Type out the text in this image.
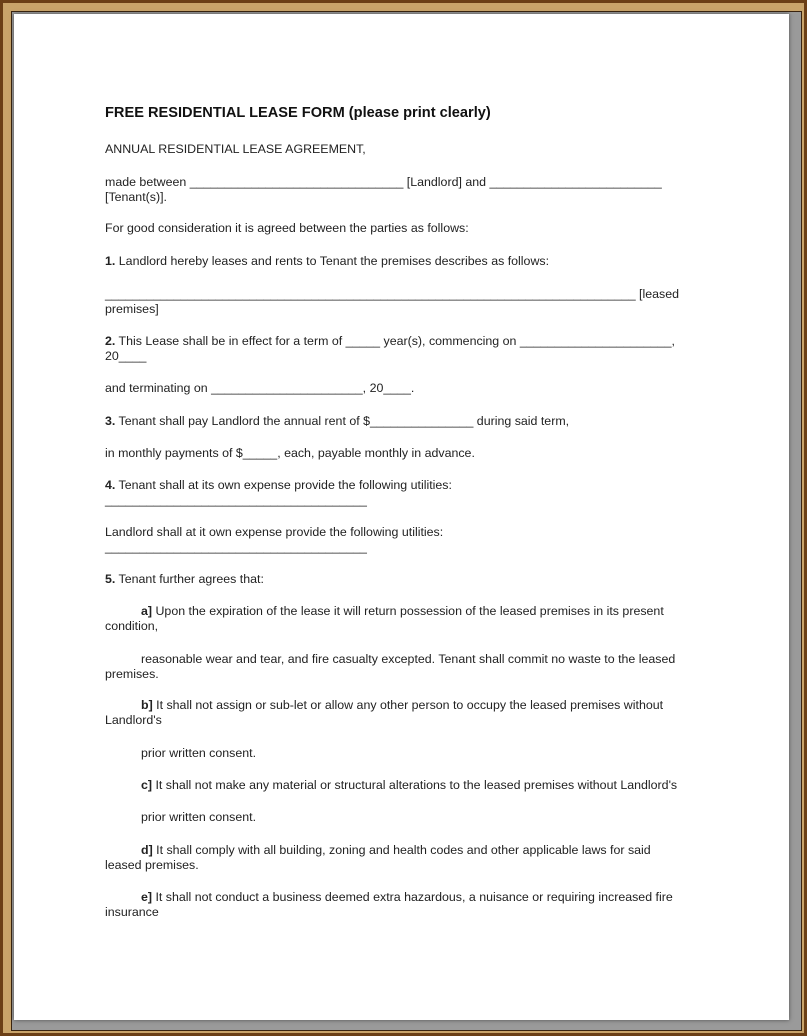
FREE RESIDENTIAL LEASE FORM (please print clearly)
ANNUAL RESIDENTIAL LEASE AGREEMENT,
made between _______________________________ [Landlord] and _________________________
[Tenant(s)].
For good consideration it is agreed between the parties as follows:
1. Landlord hereby leases and rents to Tenant the premises describes as follows:
_____________________________________________________________________________ [leased
premises]
2. This Lease shall be in effect for a term of _____ year(s), commencing on ______________________,
20____
and terminating on ______________________, 20____.
3. Tenant shall pay Landlord the annual rent of $_______________ during said term,
in monthly payments of $_____, each, payable monthly in advance.
4. Tenant shall at its own expense provide the following utilities:
______________________________________
Landlord shall at it own expense provide the following utilities:
______________________________________
5. Tenant further agrees that:
a] Upon the expiration of the lease it will return possession of the leased premises in its present
condition,
reasonable wear and tear, and fire casualty excepted. Tenant shall commit no waste to the leased
premises.
b] It shall not assign or sub-let or allow any other person to occupy the leased premises without
Landlord's
prior written consent.
c] It shall not make any material or structural alterations to the leased premises without Landlord's
prior written consent.
d] It shall comply with all building, zoning and health codes and other applicable laws for said
leased premises.
e] It shall not conduct a business deemed extra hazardous, a nuisance or requiring increased fire
insurance
